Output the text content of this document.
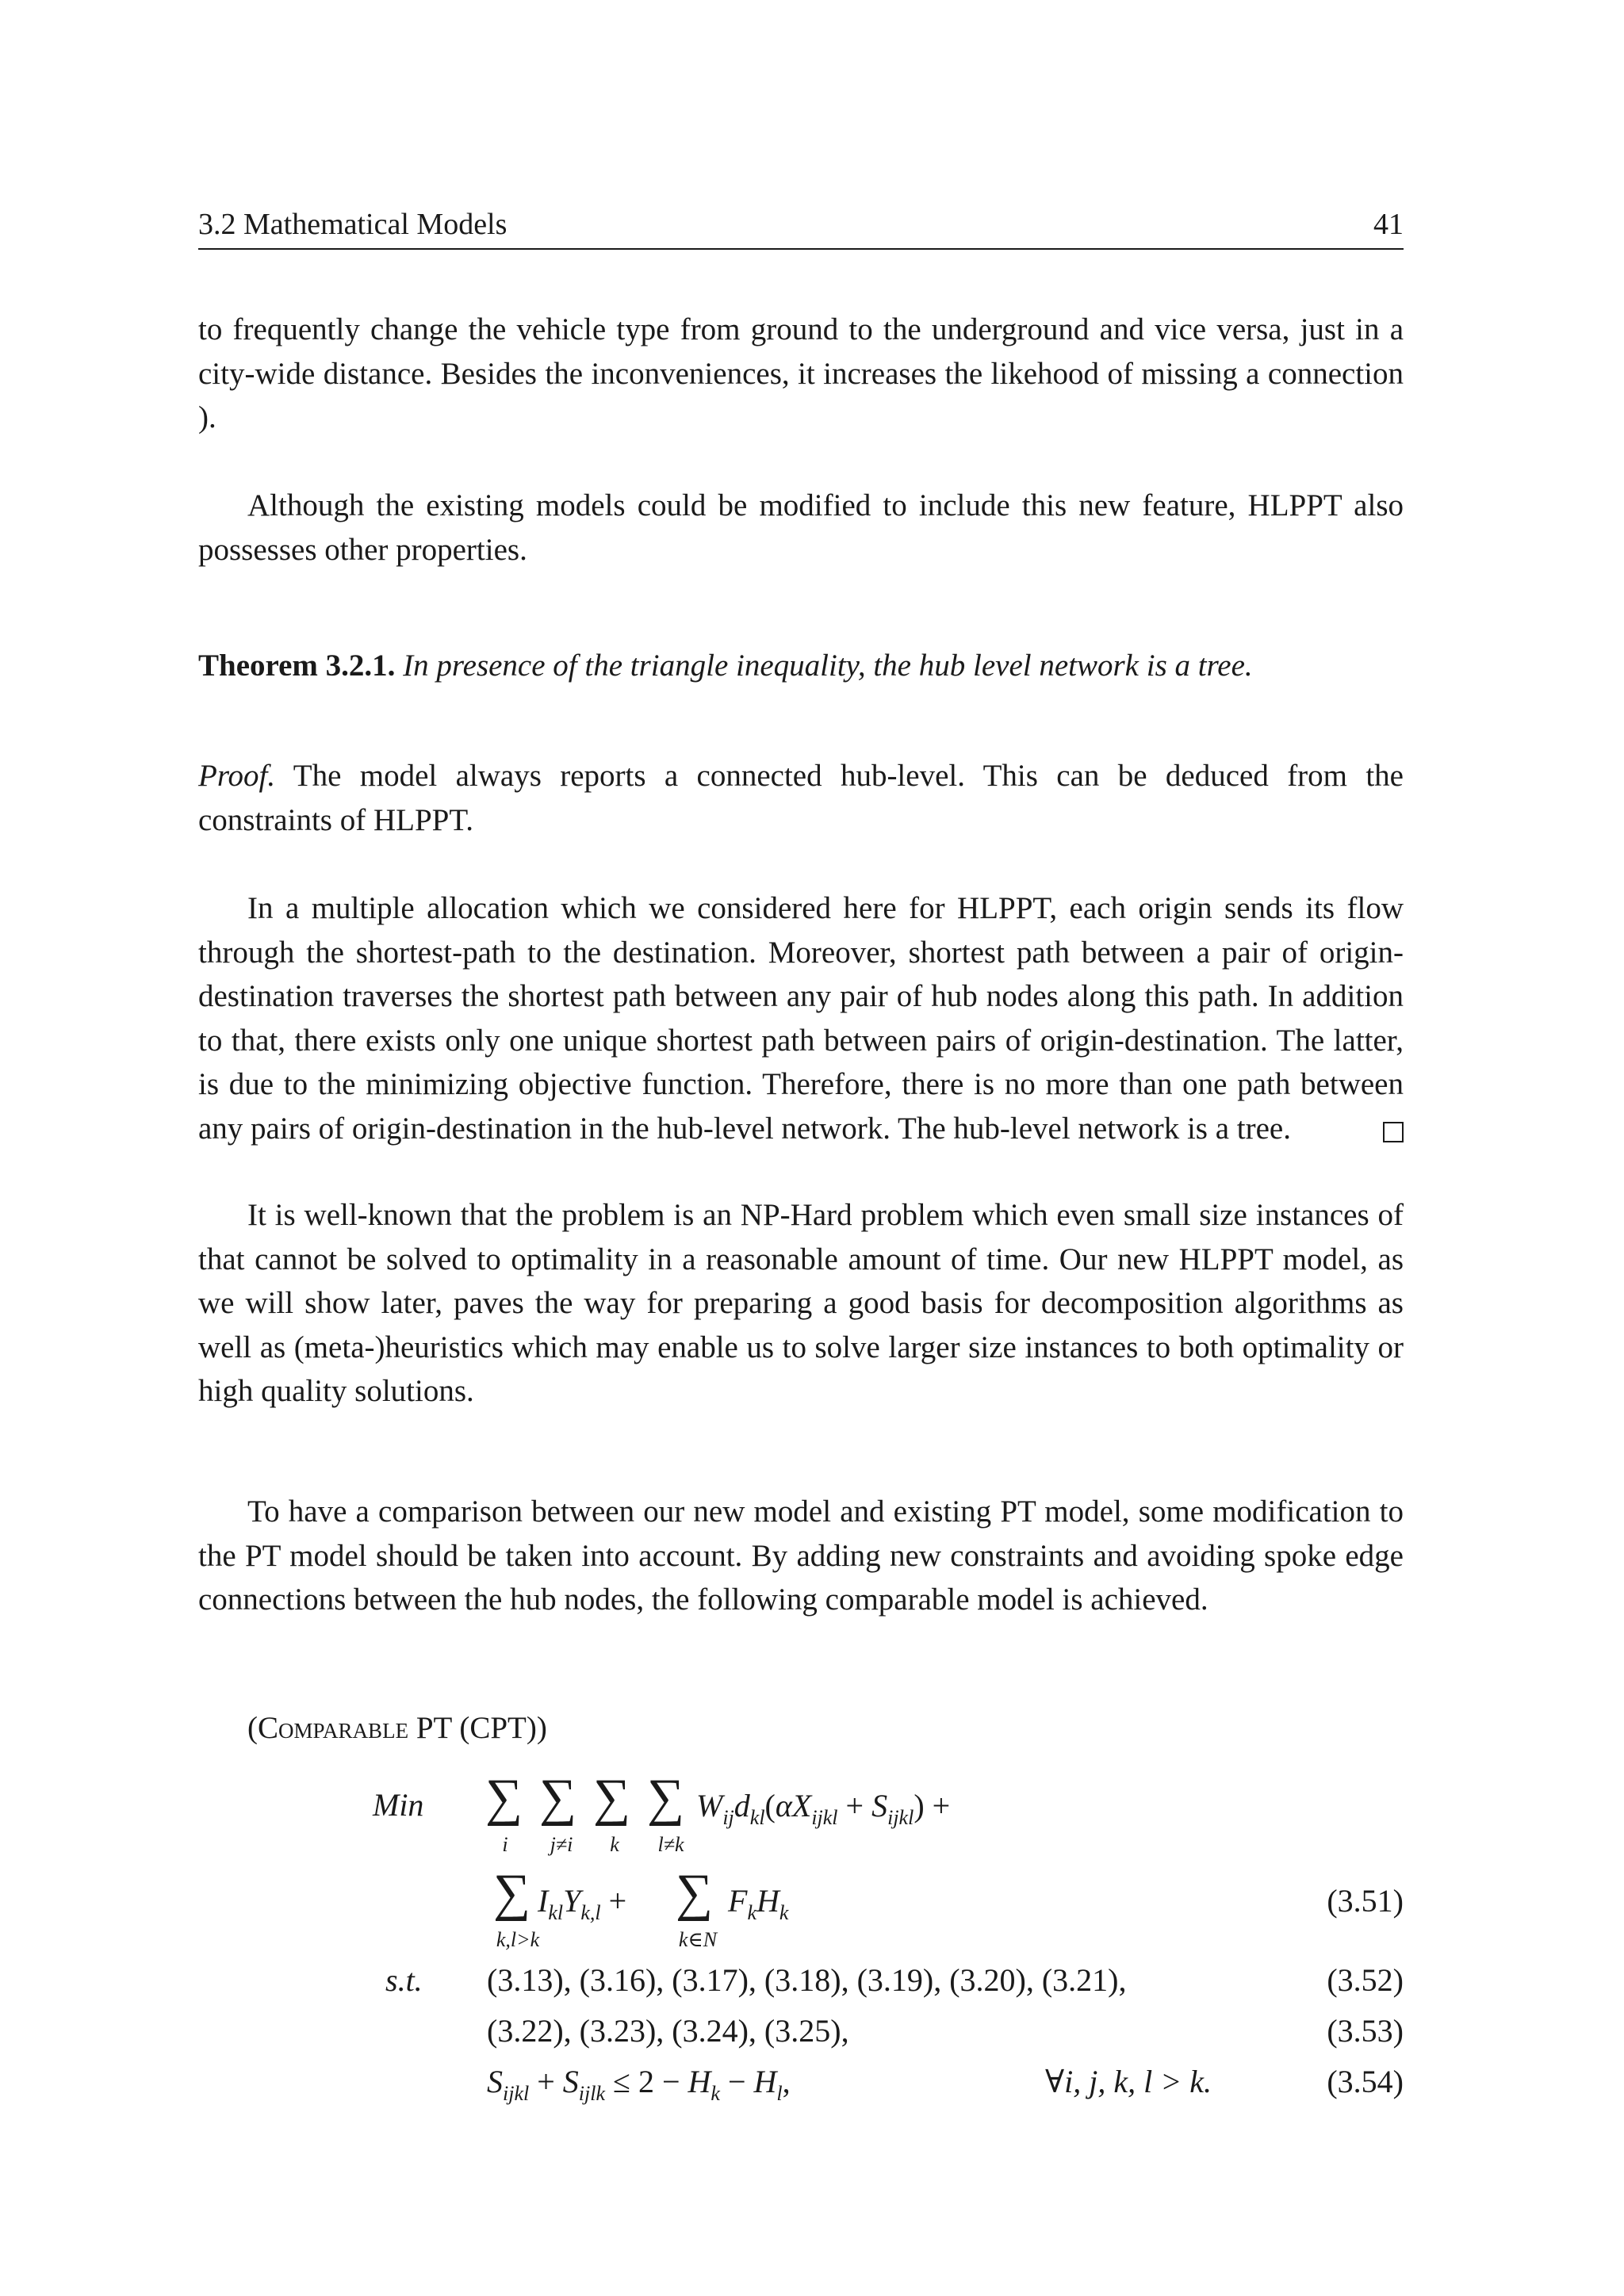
3.2 Mathematical Models	41

to frequently change the vehicle type from ground to the underground and vice versa, just in a city-wide distance. Besides the inconveniences, it increases the likehood of missing a connection ).

Although the existing models could be modified to include this new feature, HLPPT also possesses other properties.

Theorem 3.2.1. In presence of the triangle inequality, the hub level network is a tree.

Proof. The model always reports a connected hub-level. This can be deduced from the constraints of HLPPT.

In a multiple allocation which we considered here for HLPPT, each origin sends its flow through the shortest-path to the destination. Moreover, shortest path between a pair of origin-destination traverses the shortest path between any pair of hub nodes along this path. In addition to that, there exists only one unique shortest path between pairs of origin-destination. The latter, is due to the minimizing objective function. Therefore, there is no more than one path between any pairs of origin-destination in the hub-level network. The hub-level network is a tree.

It is well-known that the problem is an NP-Hard problem which even small size instances of that cannot be solved to optimality in a reasonable amount of time. Our new HLPPT model, as we will show later, paves the way for preparing a good basis for decomposition algorithms as well as (meta-)heuristics which may enable us to solve larger size instances to both optimality or high quality solutions.

To have a comparison between our new model and existing PT model, some modification to the PT model should be taken into account. By adding new constraints and avoiding spoke edge connections between the hub nodes, the following comparable model is achieved.

(Comparable PT (CPT))
Min ∑ ∑ ∑ ∑
i	j≠i	k	l≠k
$W_{ij}d_{kl}(\alpha X_{ijkl} + S_{ijkl})$ +
∑
k,l>k
$I_{kl}Y_{k,l}$ + ∑
k∈N
$F_kH_k$	(3.51)
s.t. (3.13), (3.16), (3.17), (3.18), (3.19), (3.20), (3.21),	(3.52)
(3.22), (3.23), (3.24), (3.25),	(3.53)
$S_{ijkl} + S_{ijlk} \le 2 - H_k - H_l$,	∀i, j, k, l > k.	(3.54)
